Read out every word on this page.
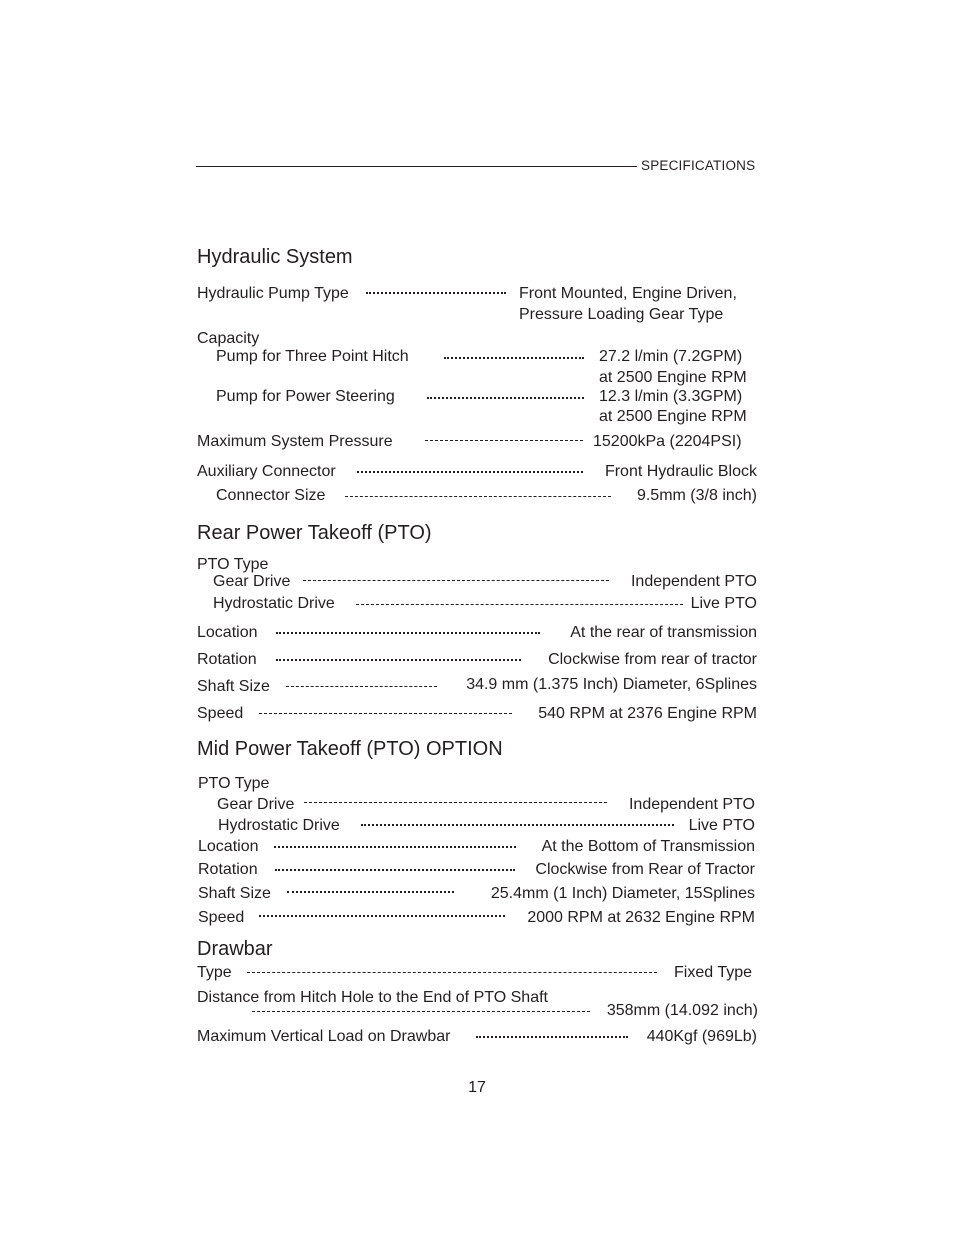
SPECIFICATIONS
Hydraulic System
Hydraulic Pump Type	Front Mounted, Engine Driven,
Pressure Loading Gear Type
Capacity
Pump for Three Point Hitch	27.2 l/min (7.2GPM)
at 2500 Engine RPM
Pump for Power Steering	12.3 l/min (3.3GPM)
at 2500 Engine RPM
Maximum System Pressure	15200kPa (2204PSI)
Auxiliary Connector	Front Hydraulic Block
Connector Size	9.5mm (3/8 inch)
Rear Power Takeoff (PTO)
PTO Type
Gear Drive	Independent PTO
Hydrostatic Drive	Live PTO
Location	At the rear of transmission
Rotation	Clockwise from rear of tractor
Shaft Size	34.9 mm (1.375 Inch) Diameter, 6Splines
Speed	540 RPM at 2376 Engine RPM
Mid Power Takeoff (PTO) OPTION
PTO Type
Gear Drive	Independent PTO
Hydrostatic Drive	Live PTO
Location	At the Bottom of Transmission
Rotation	Clockwise from Rear of Tractor
Shaft Size	25.4mm (1 Inch) Diameter, 15Splines
Speed	2000 RPM at 2632 Engine RPM
Drawbar
Type	Fixed Type
Distance from Hitch Hole to the End of PTO Shaft
358mm (14.092 inch)
Maximum Vertical Load on Drawbar	440Kgf (969Lb)
17
